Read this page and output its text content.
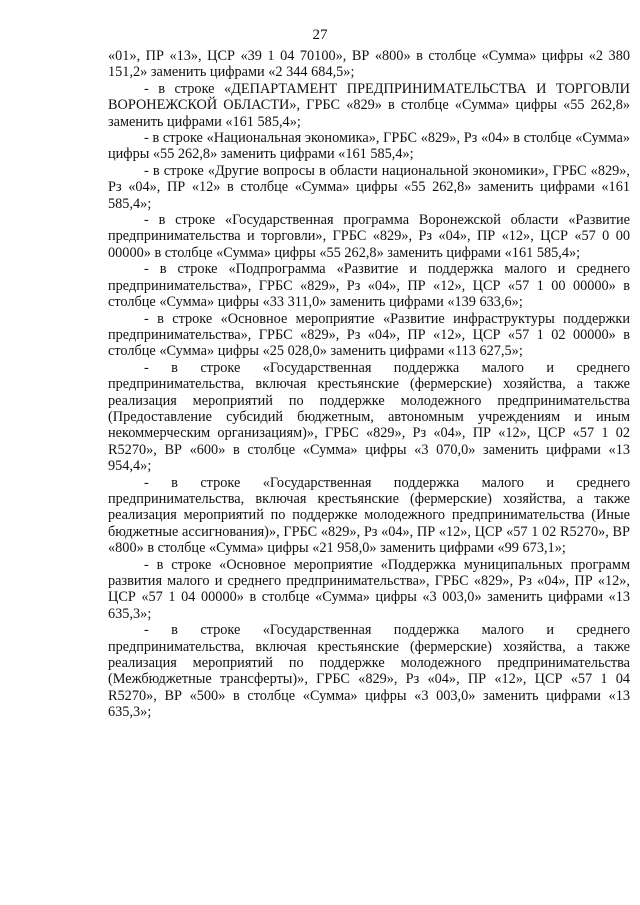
27

«01», ПР «13», ЦСР «39 1 04 70100», ВР «800» в столбце «Сумма» цифры «2 380 151,2» заменить цифрами «2 344 684,5»;

- в строке «ДЕПАРТАМЕНТ ПРЕДПРИНИМАТЕЛЬСТВА И ТОРГОВЛИ ВОРОНЕЖСКОЙ ОБЛАСТИ», ГРБС «829» в столбце «Сумма» цифры «55 262,8» заменить цифрами «161 585,4»;

- в строке «Национальная экономика», ГРБС «829», Рз «04» в столбце «Сумма» цифры «55 262,8» заменить цифрами «161 585,4»;

- в строке «Другие вопросы в области национальной экономики», ГРБС «829», Рз «04», ПР «12» в столбце «Сумма» цифры «55 262,8» заменить цифрами «161 585,4»;

- в строке «Государственная программа Воронежской области «Развитие предпринимательства и торговли», ГРБС «829», Рз «04», ПР «12», ЦСР «57 0 00 00000» в столбце «Сумма» цифры «55 262,8» заменить цифрами «161 585,4»;

- в строке «Подпрограмма «Развитие и поддержка малого и среднего предпринимательства», ГРБС «829», Рз «04», ПР «12», ЦСР «57 1 00 00000» в столбце «Сумма» цифры «33 311,0» заменить цифрами «139 633,6»;

- в строке «Основное мероприятие «Развитие инфраструктуры поддержки предпринимательства», ГРБС «829», Рз «04», ПР «12», ЦСР «57 1 02 00000» в столбце «Сумма» цифры «25 028,0» заменить цифрами «113 627,5»;

- в строке «Государственная поддержка малого и среднего предпринимательства, включая крестьянские (фермерские) хозяйства, а также реализация мероприятий по поддержке молодежного предпринимательства (Предоставление субсидий бюджетным, автономным учреждениям и иным некоммерческим организациям)», ГРБС «829», Рз «04», ПР «12», ЦСР «57 1 02 R5270», ВР «600» в столбце «Сумма» цифры «3 070,0» заменить цифрами «13 954,4»;

- в строке «Государственная поддержка малого и среднего предпринимательства, включая крестьянские (фермерские) хозяйства, а также реализация мероприятий по поддержке молодежного предпринимательства (Иные бюджетные ассигнования)», ГРБС «829», Рз «04», ПР «12», ЦСР «57 1 02 R5270», ВР «800» в столбце «Сумма» цифры «21 958,0» заменить цифрами «99 673,1»;

- в строке «Основное мероприятие «Поддержка муниципальных программ развития малого и среднего предпринимательства», ГРБС «829», Рз «04», ПР «12», ЦСР «57 1 04 00000» в столбце «Сумма» цифры «3 003,0» заменить цифрами «13 635,3»;

- в строке «Государственная поддержка малого и среднего предпринимательства, включая крестьянские (фермерские) хозяйства, а также реализация мероприятий по поддержке молодежного предпринимательства (Межбюджетные трансферты)», ГРБС «829», Рз «04», ПР «12», ЦСР «57 1 04 R5270», ВР «500» в столбце «Сумма» цифры «3 003,0» заменить цифрами «13 635,3»;
